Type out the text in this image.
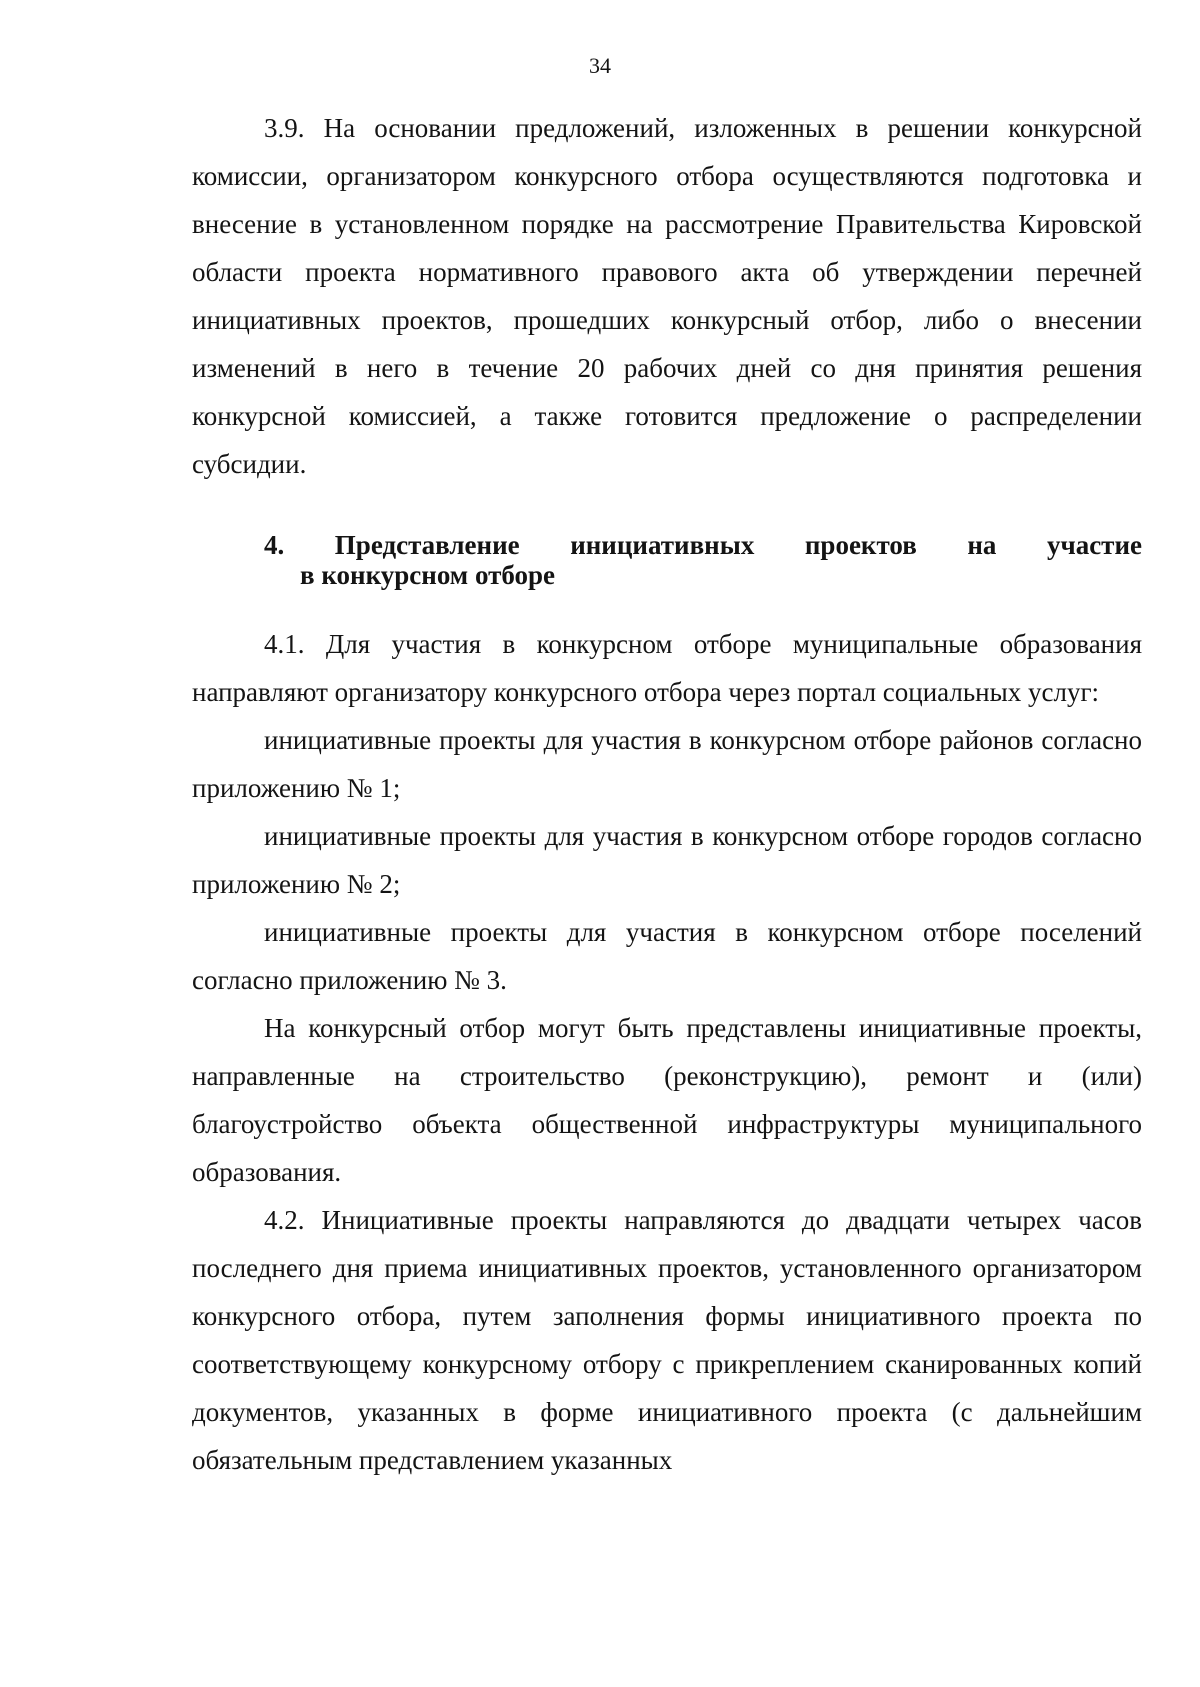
34

3.9. На основании предложений, изложенных в решении конкурсной комиссии, организатором конкурсного отбора осуществляются подготовка и внесение в установленном порядке на рассмотрение Правительства Кировской области проекта нормативного правового акта об утверждении перечней инициативных проектов, прошедших конкурсный отбор, либо о внесении изменений в него в течение 20 рабочих дней со дня принятия решения конкурсной комиссией, а также готовится предложение о распределении субсидии.

4. Представление инициативных проектов на участие
в конкурсном отборе

4.1. Для участия в конкурсном отборе муниципальные образования направляют организатору конкурсного отбора через портал социальных услуг:

инициативные проекты для участия в конкурсном отборе районов согласно приложению № 1;

инициативные проекты для участия в конкурсном отборе городов согласно приложению № 2;

инициативные проекты для участия в конкурсном отборе поселений согласно приложению № 3.

На конкурсный отбор могут быть представлены инициативные проекты, направленные на строительство (реконструкцию), ремонт и (или) благоустройство объекта общественной инфраструктуры муниципального образования.

4.2. Инициативные проекты направляются до двадцати четырех часов последнего дня приема инициативных проектов, установленного организатором конкурсного отбора, путем заполнения формы инициативного проекта по соответствующему конкурсному отбору с прикреплением сканированных копий документов, указанных в форме инициативного проекта (с дальнейшим обязательным представлением указанных
